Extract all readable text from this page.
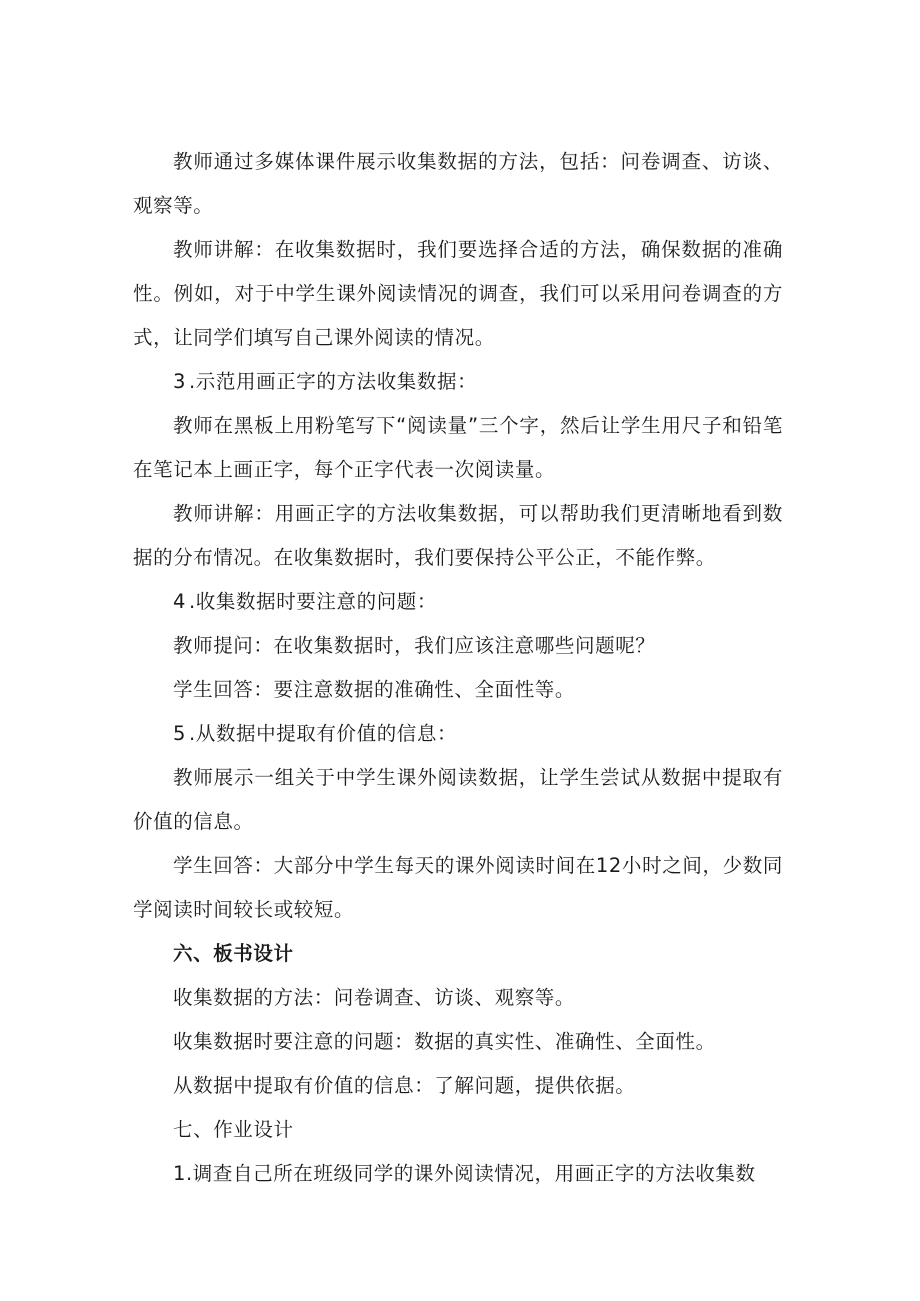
教师通过多媒体课件展示收集数据的方法，包括：问卷调查、访谈、观察等。

教师讲解：在收集数据时，我们要选择合适的方法，确保数据的准确性。例如，对于中学生课外阅读情况的调查，我们可以采用问卷调查的方式，让同学们填写自己课外阅读的情况。

3 .示范用画正字的方法收集数据：

教师在黑板上用粉笔写下“阅读量”三个字，然后让学生用尺子和铅笔在笔记本上画正字，每个正字代表一次阅读量。

教师讲解：用画正字的方法收集数据，可以帮助我们更清晰地看到数据的分布情况。在收集数据时，我们要保持公平公正，不能作弊。

4 .收集数据时要注意的问题：

教师提问：在收集数据时，我们应该注意哪些问题呢？

学生回答：要注意数据的准确性、全面性等。

5 .从数据中提取有价值的信息：

教师展示一组关于中学生课外阅读数据，让学生尝试从数据中提取有价值的信息。

学生回答：大部分中学生每天的课外阅读时间在12小时之间，少数同学阅读时间较长或较短。

六、板书设计

收集数据的方法：问卷调查、访谈、观察等。

收集数据时要注意的问题：数据的真实性、准确性、全面性。

从数据中提取有价值的信息：了解问题，提供依据。

七、作业设计

1.调查自己所在班级同学的课外阅读情况，用画正字的方法收集数
